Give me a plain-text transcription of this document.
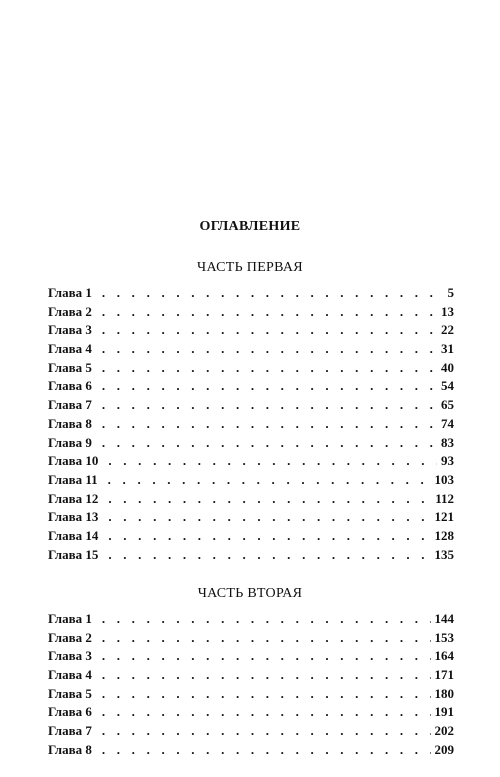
ОГЛАВЛЕНИЕ
ЧАСТЬ ПЕРВАЯ
Глава 1 . . .	5
Глава 2 . . .	13
Глава 3 . . .	22
Глава 4 . . .	31
Глава 5 . . .	40
Глава 6 . . .	54
Глава 7 . . .	65
Глава 8 . . .	74
Глава 9 . . .	83
Глава 10 . . .	93
Глава 11 . . .	103
Глава 12 . . .	112
Глава 13 . . .	121
Глава 14 . . .	128
Глава 15 . . .	135
ЧАСТЬ ВТОРАЯ
Глава 1 . . .	144
Глава 2 . . .	153
Глава 3 . . .	164
Глава 4 . . .	171
Глава 5 . . .	180
Глава 6 . . .	191
Глава 7 . . .	202
Глава 8 . . .	209
